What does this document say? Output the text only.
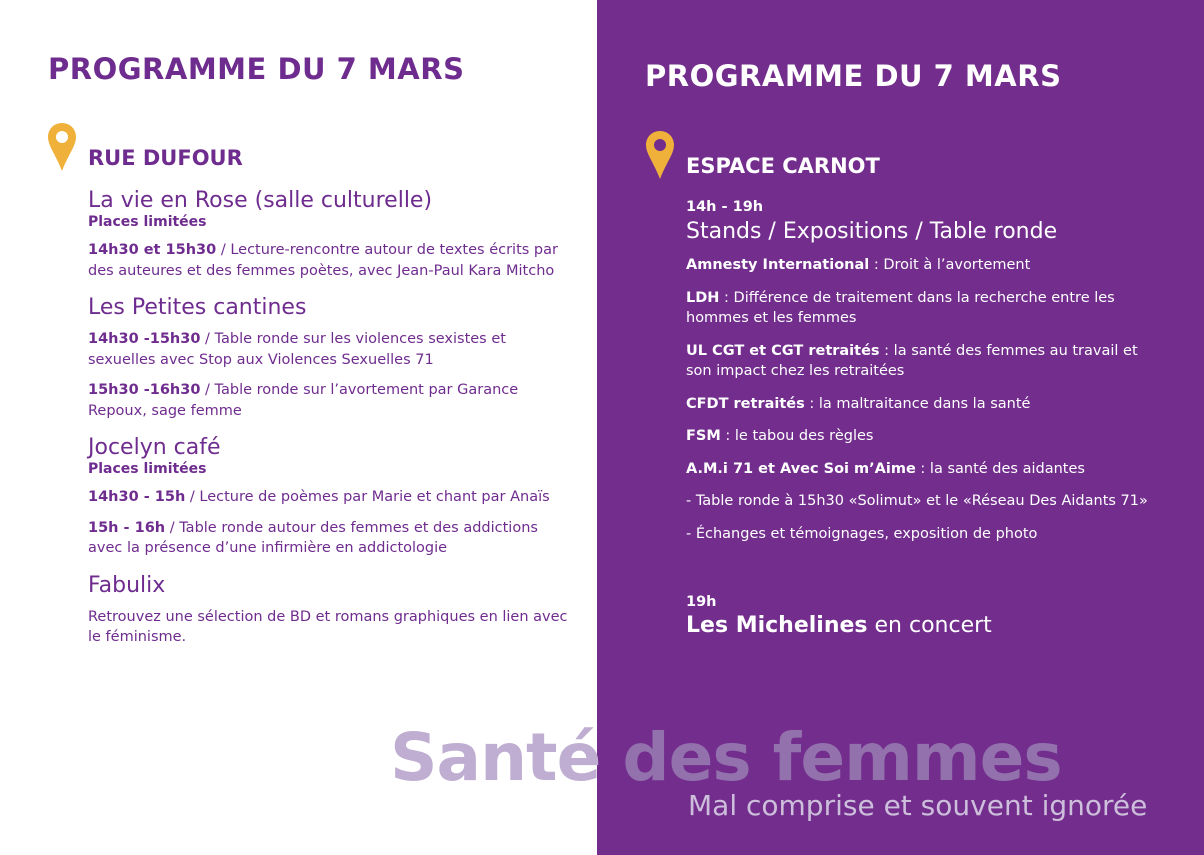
PROGRAMME DU 7 MARS
RUE DUFOUR
La vie en Rose (salle culturelle)
Places limitées
14h30 et 15h30 / Lecture-rencontre autour de textes écrits par des auteures et des femmes poètes, avec Jean-Paul Kara Mitcho
Les Petites cantines
14h30 -15h30 / Table ronde sur les violences sexistes et sexuelles avec Stop aux Violences Sexuelles 71
15h30 -16h30 / Table ronde sur l’avortement par Garance Repoux, sage femme
Jocelyn café
Places limitées
14h30 - 15h / Lecture de poèmes par Marie et chant par Anaïs
15h - 16h / Table ronde autour des femmes et des addictions avec la présence d’une infirmière en addictologie
Fabulix
Retrouvez une sélection de BD et romans graphiques en lien avec le féminisme.
PROGRAMME DU 7 MARS
ESPACE CARNOT
14h - 19h
Stands / Expositions / Table ronde
Amnesty International : Droit à l’avortement
LDH : Différence de traitement dans la recherche entre les hommes et les femmes
UL CGT et CGT retraités : la santé des femmes au travail et son impact chez les retraitées
CFDT retraités : la maltraitance dans la santé
FSM : le tabou des règles
A.M.i 71 et Avec Soi m’Aime : la santé des aidantes
- Table ronde à 15h30 «Solimut» et le «Réseau Des Aidants 71»
- Échanges et témoignages, exposition de photo
19h
Les Michelines en concert
Santé des femmes
Mal comprise et souvent ignorée
